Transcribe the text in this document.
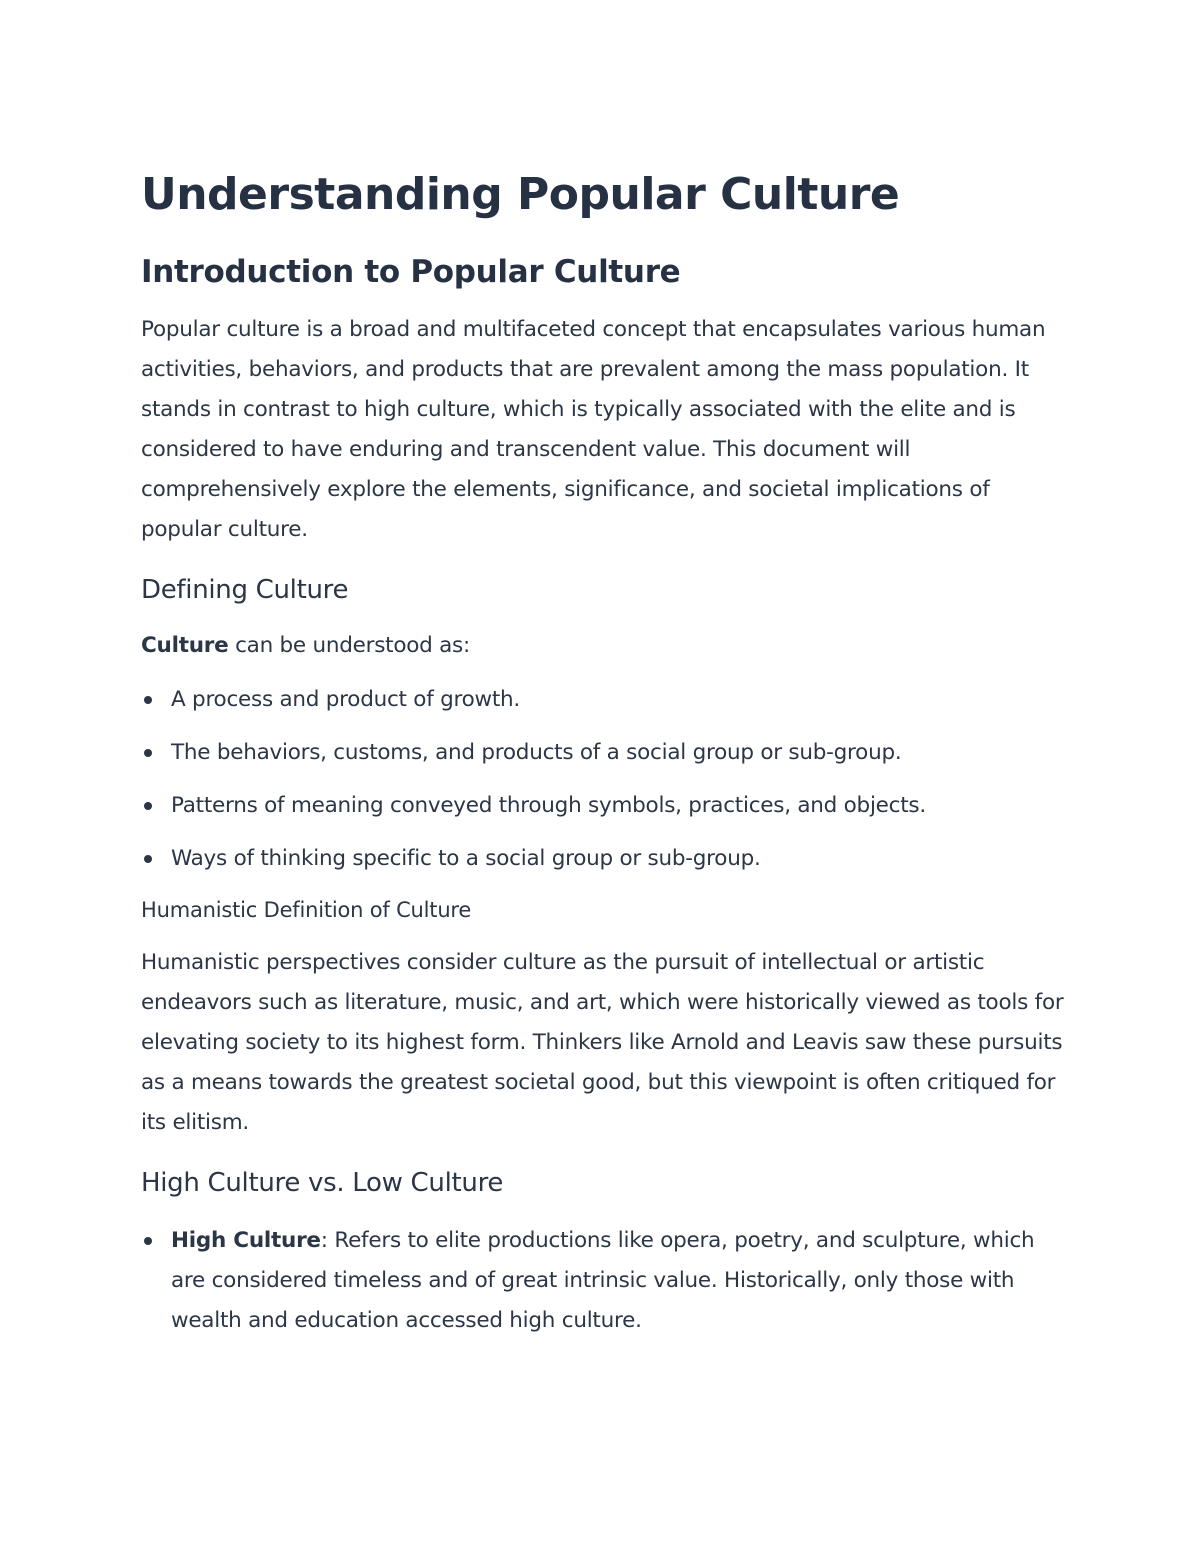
Understanding Popular Culture
Introduction to Popular Culture

Popular culture is a broad and multifaceted concept that encapsulates various human activities, behaviors, and products that are prevalent among the mass population. It stands in contrast to high culture, which is typically associated with the elite and is considered to have enduring and transcendent value. This document will comprehensively explore the elements, significance, and societal implications of popular culture.

Defining Culture

Culture can be understood as:

A process and product of growth.
The behaviors, customs, and products of a social group or sub-group.
Patterns of meaning conveyed through symbols, practices, and objects.
Ways of thinking specific to a social group or sub-group.
Humanistic Definition of Culture

Humanistic perspectives consider culture as the pursuit of intellectual or artistic endeavors such as literature, music, and art, which were historically viewed as tools for elevating society to its highest form. Thinkers like Arnold and Leavis saw these pursuits as a means towards the greatest societal good, but this viewpoint is often critiqued for its elitism.

High Culture vs. Low Culture
High Culture: Refers to elite productions like opera, poetry, and sculpture, which are considered timeless and of great intrinsic value. Historically, only those with wealth and education accessed high culture.
